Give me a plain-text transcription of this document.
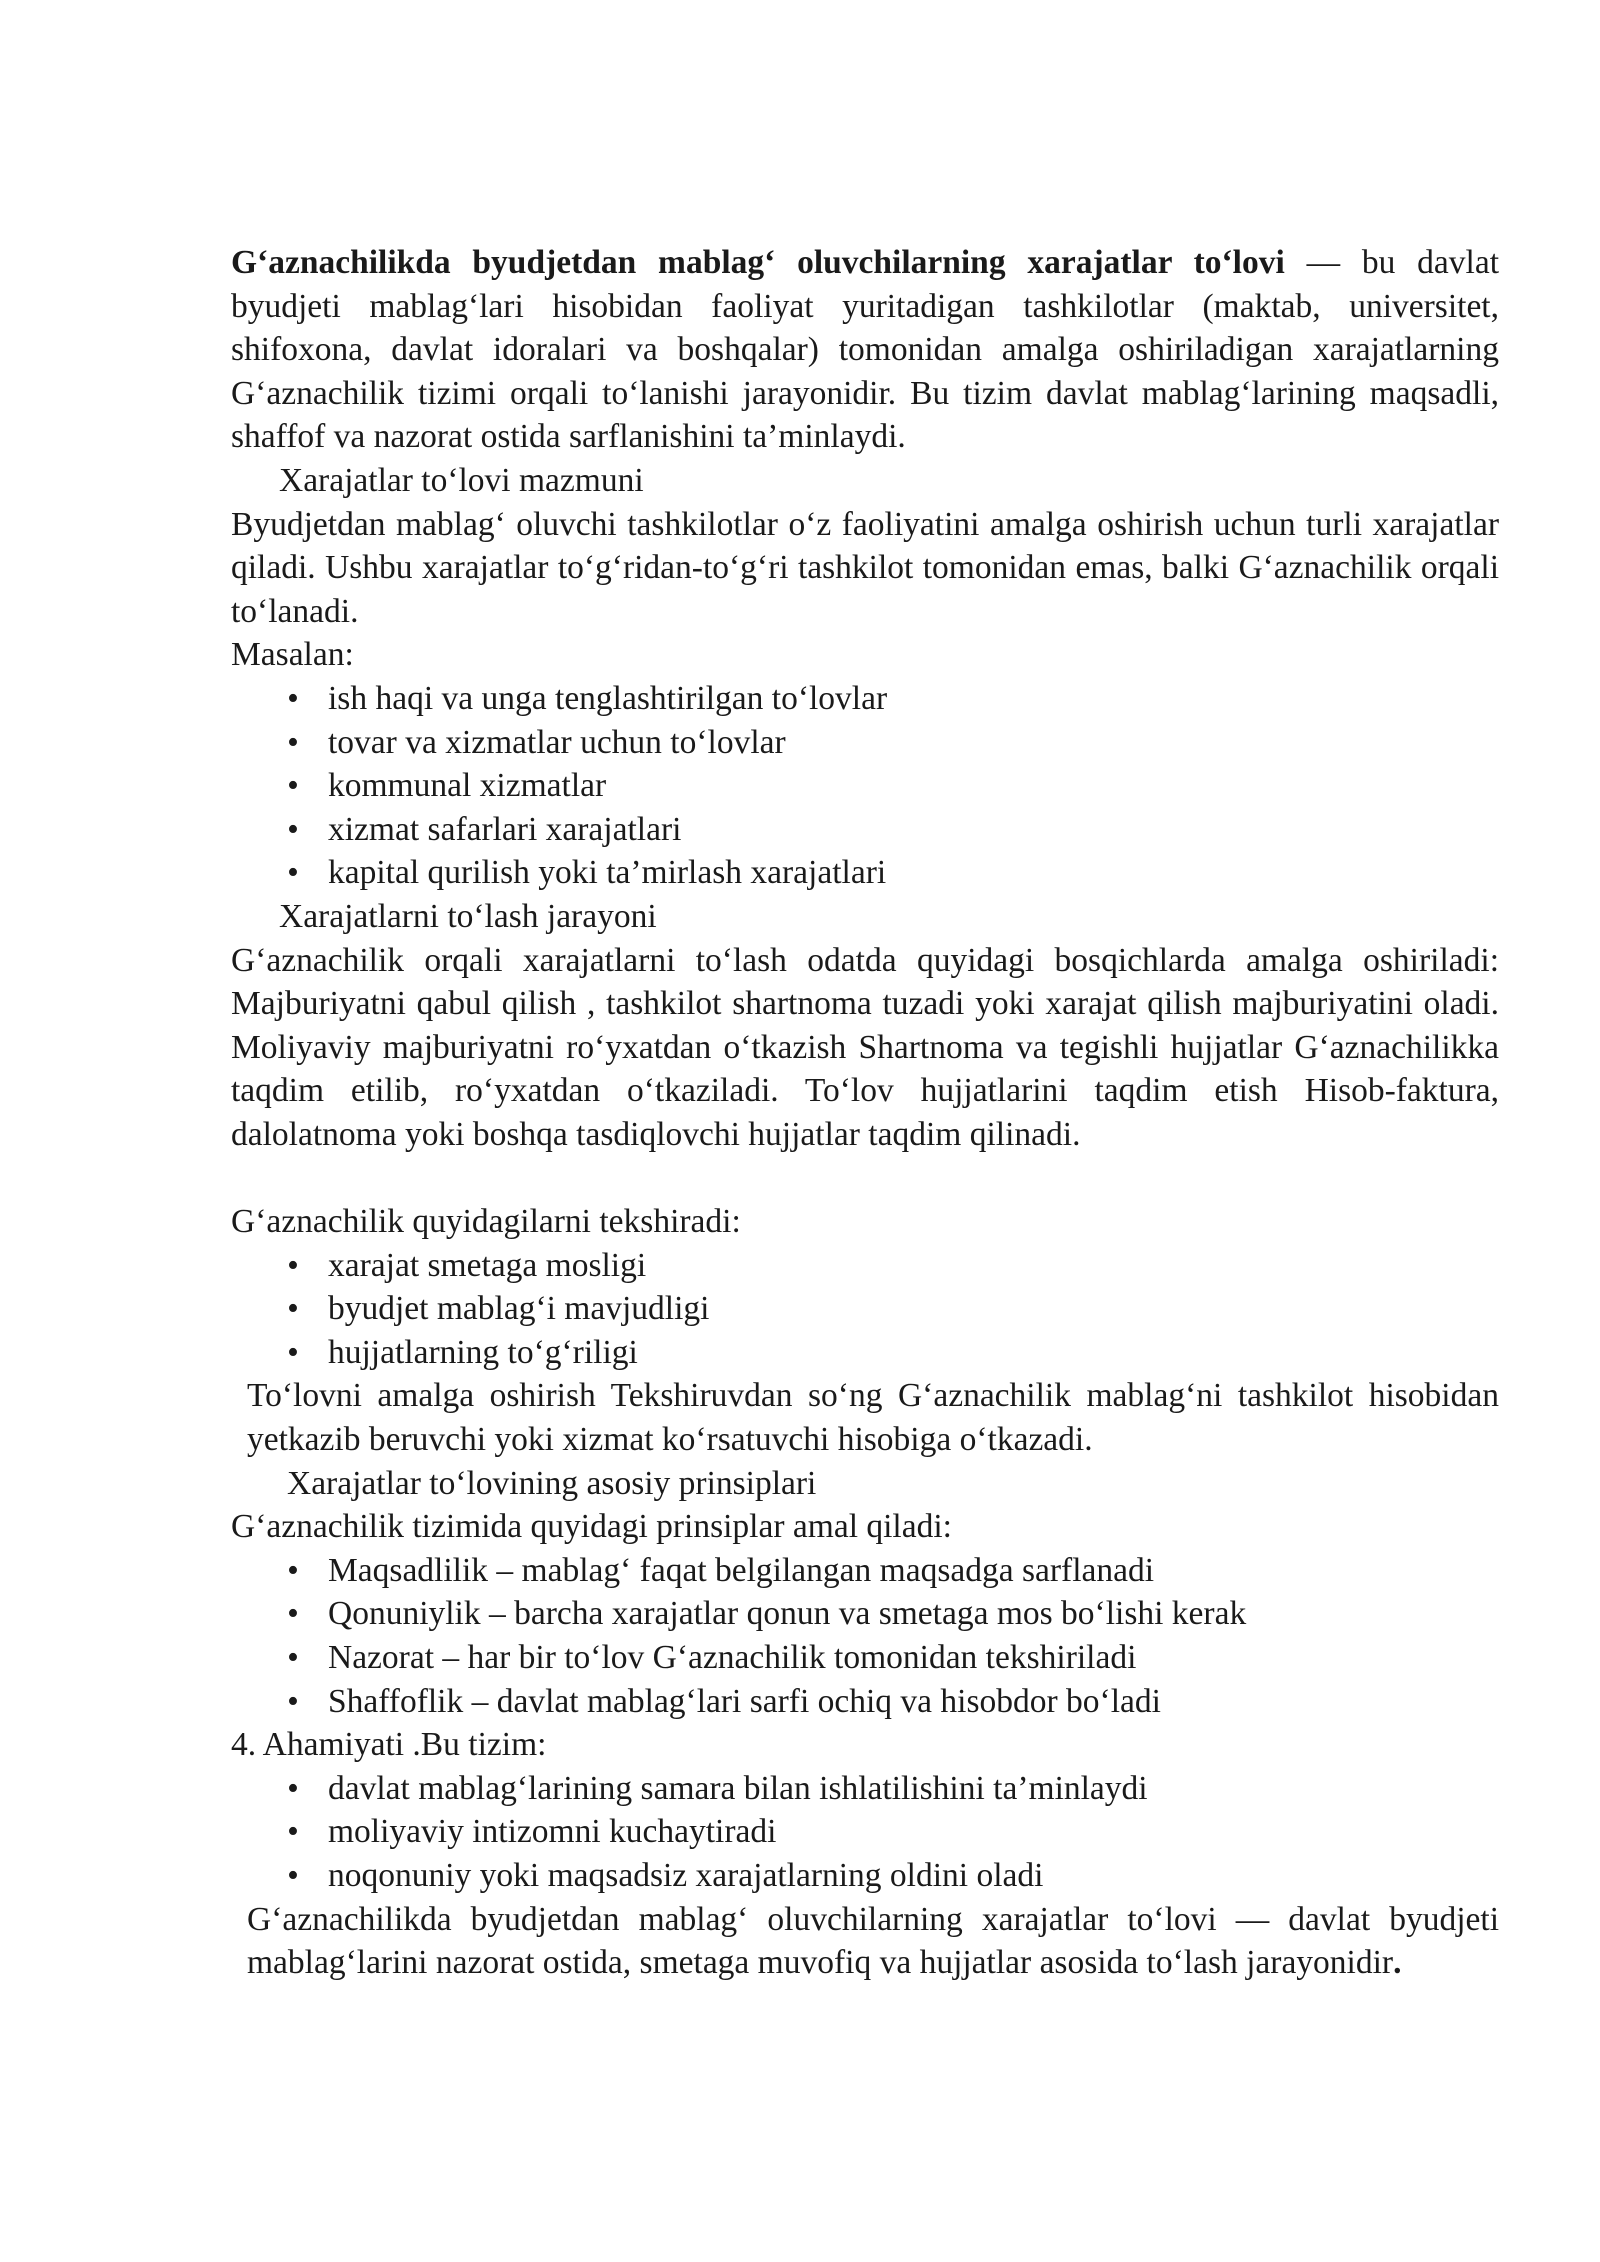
G‘aznachilikda byudjetdan mablag‘ oluvchilarning xarajatlar to‘lovi — bu davlat byudjeti mablag‘lari hisobidan faoliyat yuritadigan tashkilotlar (maktab, universitet, shifoxona, davlat idoralari va boshqalar) tomonidan amalga oshiriladigan xarajatlarning G‘aznachilik tizimi orqali to‘lanishi jarayonidir. Bu tizim davlat mablag‘larining maqsadli, shaffof va nazorat ostida sarflanishini ta’minlaydi.

Xarajatlar to‘lovi mazmuni

Byudjetdan mablag‘ oluvchi tashkilotlar o‘z faoliyatini amalga oshirish uchun turli xarajatlar qiladi. Ushbu xarajatlar to‘g‘ridan-to‘g‘ri tashkilot tomonidan emas, balki G‘aznachilik orqali to‘lanadi.

Masalan:

• ish haqi va unga tenglashtirilgan to‘lovlar
• tovar va xizmatlar uchun to‘lovlar
• kommunal xizmatlar
• xizmat safarlari xarajatlari
• kapital qurilish yoki ta’mirlash xarajatlari

Xarajatlarni to‘lash jarayoni

G‘aznachilik orqali xarajatlarni to‘lash odatda quyidagi bosqichlarda amalga oshiriladi: Majburiyatni qabul qilish , tashkilot shartnoma tuzadi yoki xarajat qilish majburiyatini oladi. Moliyaviy majburiyatni ro‘yxatdan o‘tkazish Shartnoma va tegishli hujjatlar G‘aznachilikka taqdim etilib, ro‘yxatdan o‘tkaziladi. To‘lov hujjatlarini taqdim etish Hisob-faktura, dalolatnoma yoki boshqa tasdiqlovchi hujjatlar taqdim qilinadi.

G‘aznachilik quyidagilarni tekshiradi:

• xarajat smetaga mosligi
• byudjet mablag‘i mavjudligi
• hujjatlarning to‘g‘riligi

To‘lovni amalga oshirish Tekshiruvdan so‘ng G‘aznachilik mablag‘ni tashkilot hisobidan yetkazib beruvchi yoki xizmat ko‘rsatuvchi hisobiga o‘tkazadi.

Xarajatlar to‘lovining asosiy prinsiplari

G‘aznachilik tizimida quyidagi prinsiplar amal qiladi:

• Maqsadlilik – mablag‘ faqat belgilangan maqsadga sarflanadi
• Qonuniylik – barcha xarajatlar qonun va smetaga mos bo‘lishi kerak
• Nazorat – har bir to‘lov G‘aznachilik tomonidan tekshiriladi
• Shaffoflik – davlat mablag‘lari sarfi ochiq va hisobdor bo‘ladi

4. Ahamiyati .Bu tizim:

• davlat mablag‘larining samara bilan ishlatilishini ta’minlaydi
• moliyaviy intizomni kuchaytiradi
• noqonuniy yoki maqsadsiz xarajatlarning oldini oladi

G‘aznachilikda byudjetdan mablag‘ oluvchilarning xarajatlar to‘lovi — davlat byudjeti mablag‘larini nazorat ostida, smetaga muvofiq va hujjatlar asosida to‘lash jarayonidir.
